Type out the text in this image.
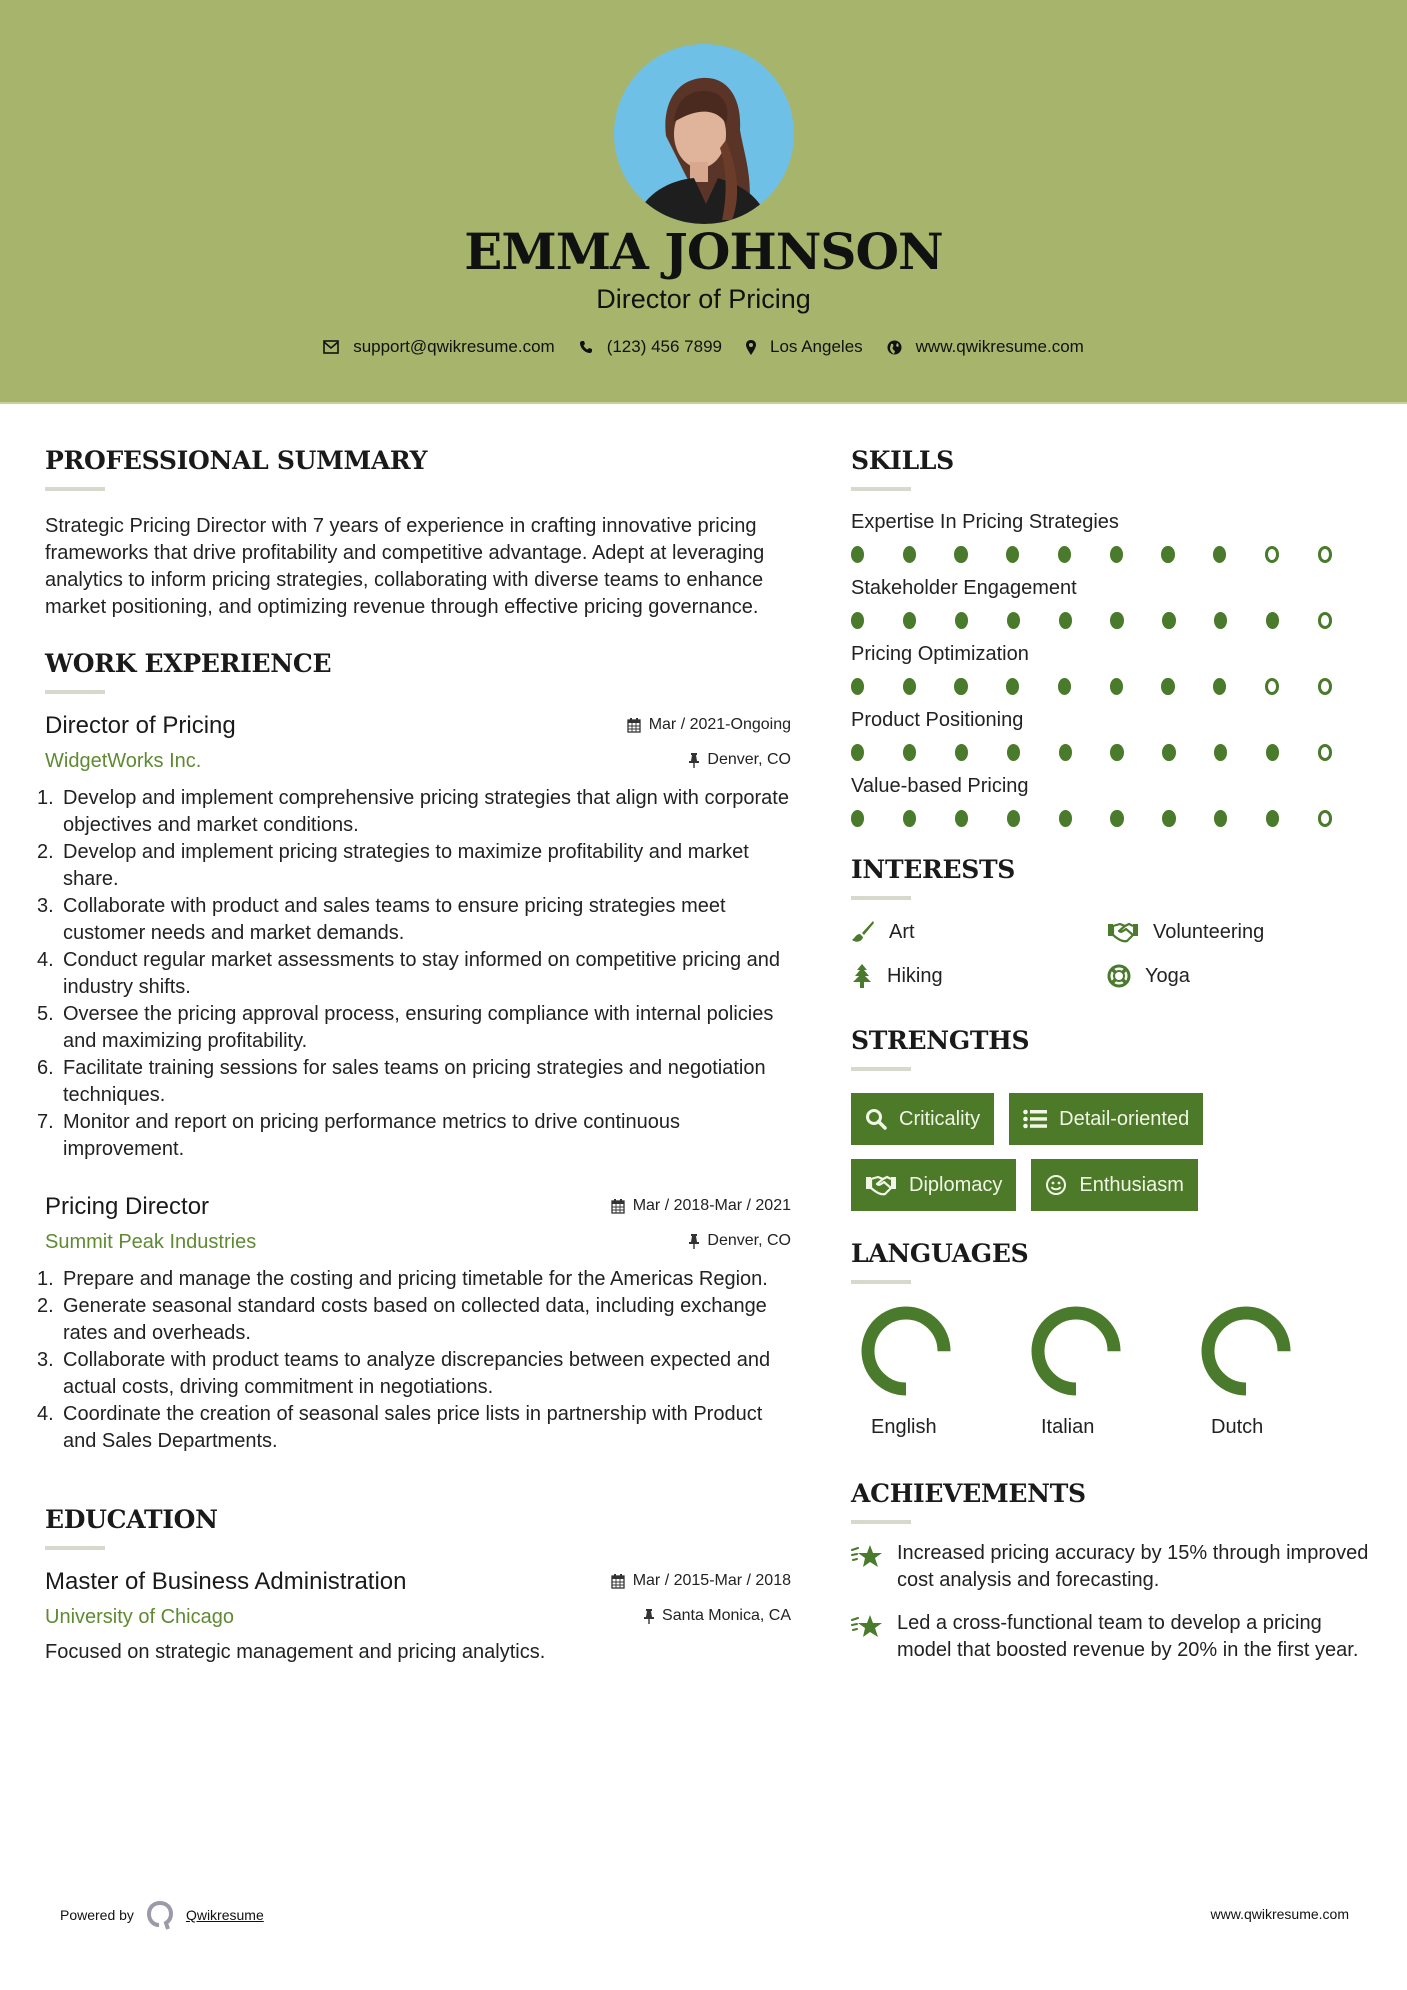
EMMA JOHNSON
Director of Pricing
support@qwikresume.com	(123) 456 7899	Los Angeles	www.qwikresume.com
PROFESSIONAL SUMMARY
Strategic Pricing Director with 7 years of experience in crafting innovative pricing frameworks that drive profitability and competitive advantage. Adept at leveraging analytics to inform pricing strategies, collaborating with diverse teams to enhance market positioning, and optimizing revenue through effective pricing governance.
WORK EXPERIENCE
Director of Pricing	Mar / 2021-Ongoing
WidgetWorks Inc.	Denver, CO
1. Develop and implement comprehensive pricing strategies that align with corporate objectives and market conditions.
2. Develop and implement pricing strategies to maximize profitability and market share.
3. Collaborate with product and sales teams to ensure pricing strategies meet customer needs and market demands.
4. Conduct regular market assessments to stay informed on competitive pricing and industry shifts.
5. Oversee the pricing approval process, ensuring compliance with internal policies and maximizing profitability.
6. Facilitate training sessions for sales teams on pricing strategies and negotiation techniques.
7. Monitor and report on pricing performance metrics to drive continuous improvement.
Pricing Director	Mar / 2018-Mar / 2021
Summit Peak Industries	Denver, CO
1. Prepare and manage the costing and pricing timetable for the Americas Region.
2. Generate seasonal standard costs based on collected data, including exchange rates and overheads.
3. Collaborate with product teams to analyze discrepancies between expected and actual costs, driving commitment in negotiations.
4. Coordinate the creation of seasonal sales price lists in partnership with Product and Sales Departments.
EDUCATION
Master of Business Administration	Mar / 2015-Mar / 2018
University of Chicago	Santa Monica, CA
Focused on strategic management and pricing analytics.
SKILLS
Expertise In Pricing Strategies
Stakeholder Engagement
Pricing Optimization
Product Positioning
Value-based Pricing
INTERESTS
Art	Volunteering
Hiking	Yoga
STRENGTHS
Criticality	Detail-oriented
Diplomacy	Enthusiasm
LANGUAGES
English	Italian	Dutch
ACHIEVEMENTS
Increased pricing accuracy by 15% through improved cost analysis and forecasting.
Led a cross-functional team to develop a pricing model that boosted revenue by 20% in the first year.
Powered by	Qwikresume	www.qwikresume.com
